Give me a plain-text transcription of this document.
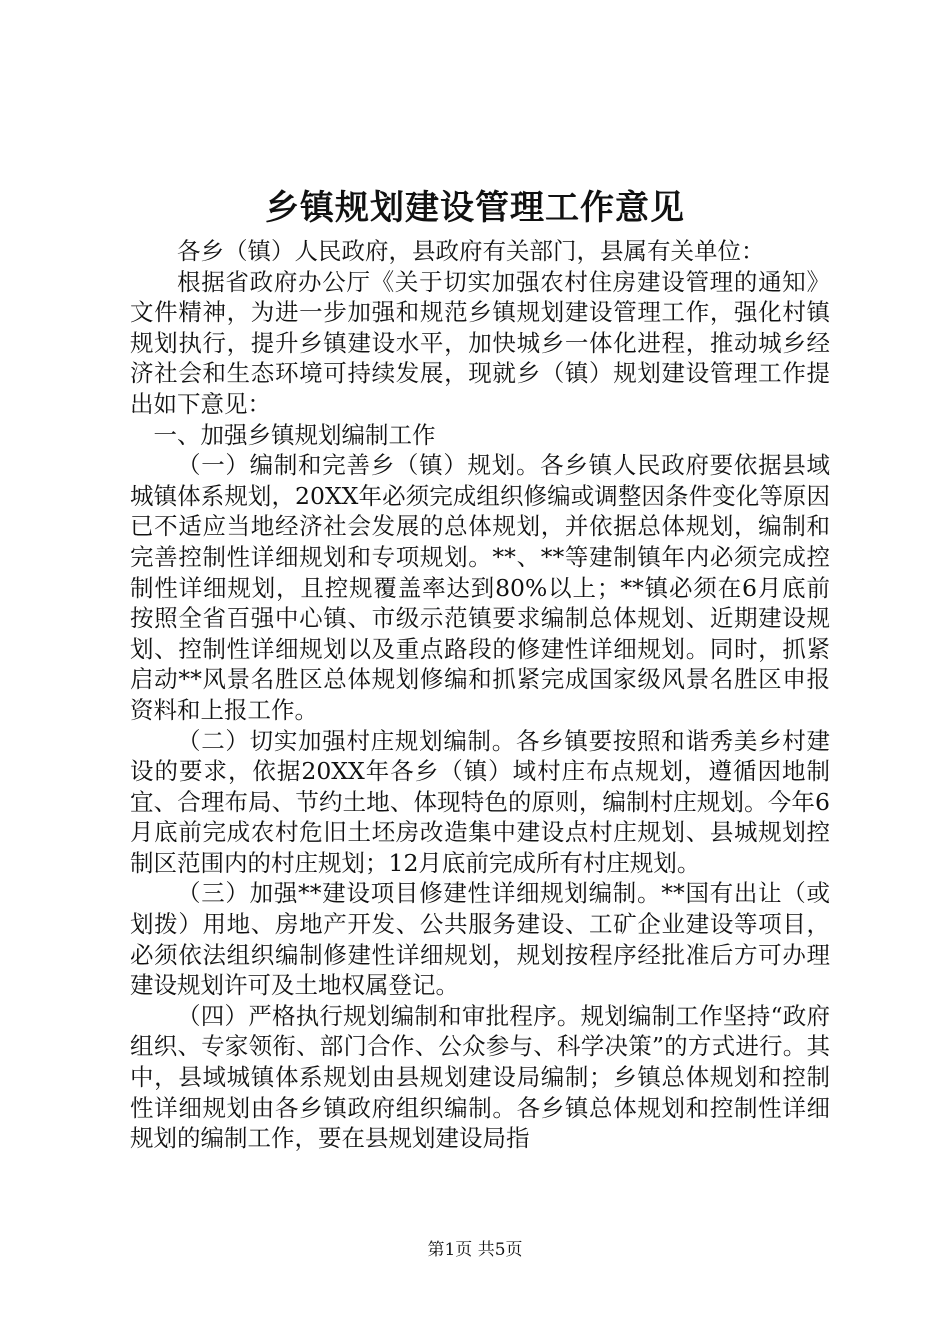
乡镇规划建设管理工作意见

各乡（镇）人民政府，县政府有关部门，县属有关单位：

根据省政府办公厅《关于切实加强农村住房建设管理的通知》文件精神，为进一步加强和规范乡镇规划建设管理工作，强化村镇规划执行，提升乡镇建设水平，加快城乡一体化进程，推动城乡经济社会和生态环境可持续发展，现就乡（镇）规划建设管理工作提出如下意见：

一、加强乡镇规划编制工作

（一）编制和完善乡（镇）规划。各乡镇人民政府要依据县域城镇体系规划，20XX年必须完成组织修编或调整因条件变化等原因已不适应当地经济社会发展的总体规划，并依据总体规划，编制和完善控制性详细规划和专项规划。**、**等建制镇年内必须完成控制性详细规划，且控规覆盖率达到80%以上；**镇必须在6月底前按照全省百强中心镇、市级示范镇要求编制总体规划、近期建设规划、控制性详细规划以及重点路段的修建性详细规划。同时，抓紧启动**风景名胜区总体规划修编和抓紧完成国家级风景名胜区申报资料和上报工作。

（二）切实加强村庄规划编制。各乡镇要按照和谐秀美乡村建设的要求，依据20XX年各乡（镇）域村庄布点规划，遵循因地制宜、合理布局、节约土地、体现特色的原则，编制村庄规划。今年6月底前完成农村危旧土坯房改造集中建设点村庄规划、县城规划控制区范围内的村庄规划；12月底前完成所有村庄规划。

（三）加强**建设项目修建性详细规划编制。**国有出让（或划拨）用地、房地产开发、公共服务建设、工矿企业建设等项目，必须依法组织编制修建性详细规划，规划按程序经批准后方可办理建设规划许可及土地权属登记。

（四）严格执行规划编制和审批程序。规划编制工作坚持“政府组织、专家领衔、部门合作、公众参与、科学决策”的方式进行。其中，县域城镇体系规划由县规划建设局编制；乡镇总体规划和控制性详细规划由各乡镇政府组织编制。各乡镇总体规划和控制性详细规划的编制工作，要在县规划建设局指

第1页 共5页
